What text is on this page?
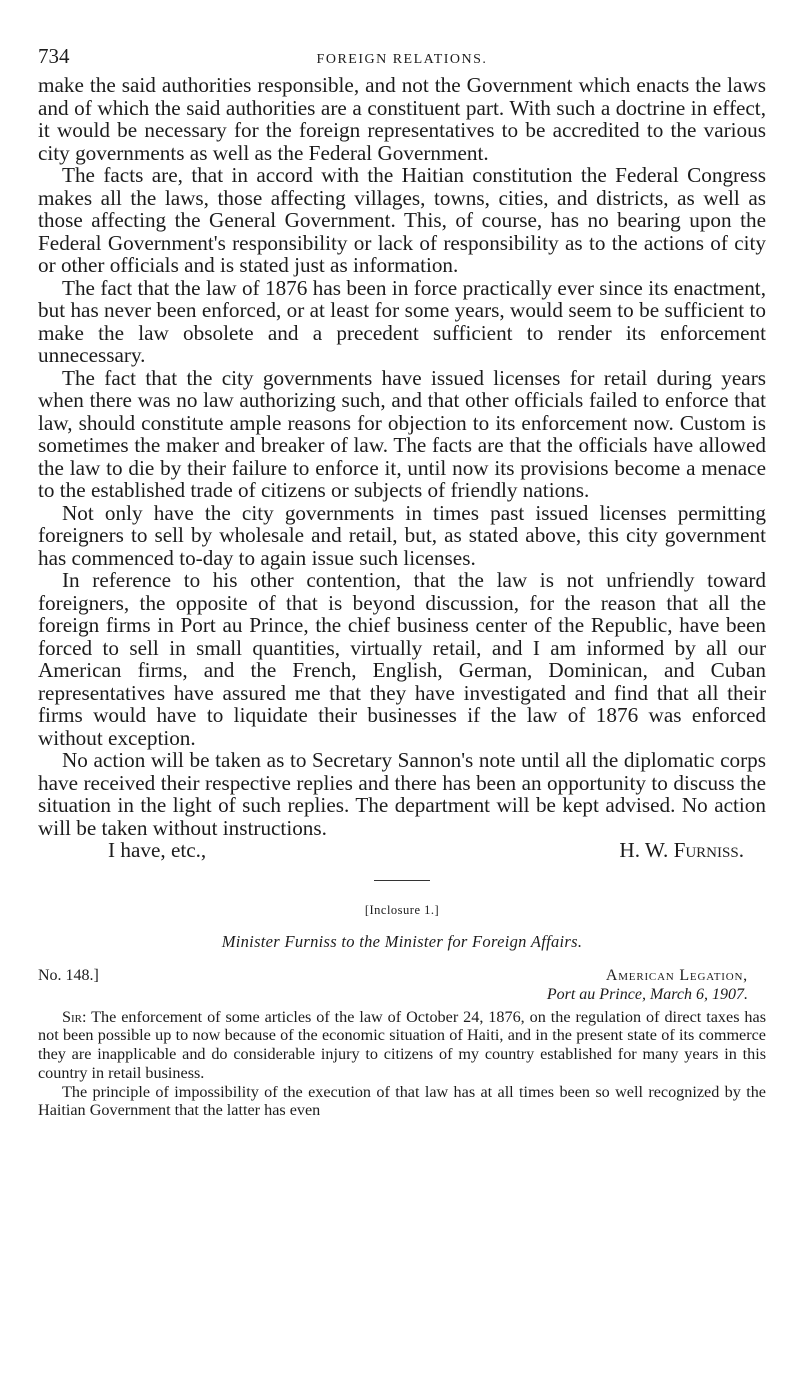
734	FOREIGN RELATIONS.

make the said authorities responsible, and not the Government which enacts the laws and of which the said authorities are a constituent part. With such a doctrine in effect, it would be necessary for the foreign representatives to be accredited to the various city governments as well as the Federal Government.

The facts are, that in accord with the Haitian constitution the Federal Congress makes all the laws, those affecting villages, towns, cities, and districts, as well as those affecting the General Government. This, of course, has no bearing upon the Federal Government's responsibility or lack of responsibility as to the actions of city or other officials and is stated just as information.

The fact that the law of 1876 has been in force practically ever since its enactment, but has never been enforced, or at least for some years, would seem to be sufficient to make the law obsolete and a precedent sufficient to render its enforcement unnecessary.

The fact that the city governments have issued licenses for retail during years when there was no law authorizing such, and that other officials failed to enforce that law, should constitute ample reasons for objection to its enforcement now. Custom is sometimes the maker and breaker of law. The facts are that the officials have allowed the law to die by their failure to enforce it, until now its provisions become a menace to the established trade of citizens or subjects of friendly nations.

Not only have the city governments in times past issued licenses permitting foreigners to sell by wholesale and retail, but, as stated above, this city government has commenced to-day to again issue such licenses.

In reference to his other contention, that the law is not unfriendly toward foreigners, the opposite of that is beyond discussion, for the reason that all the foreign firms in Port au Prince, the chief business center of the Republic, have been forced to sell in small quantities, virtually retail, and I am informed by all our American firms, and the French, English, German, Dominican, and Cuban representatives have assured me that they have investigated and find that all their firms would have to liquidate their businesses if the law of 1876 was enforced without exception.

No action will be taken as to Secretary Sannon's note until all the diplomatic corps have received their respective replies and there has been an opportunity to discuss the situation in the light of such replies. The department will be kept advised. No action will be taken without instructions.

I have, etc.,	H. W. Furniss.
[Inclosure 1.]
Minister Furniss to the Minister for Foreign Affairs.
No. 148.]	American Legation,
Port au Prince, March 6, 1907.

Sir: The enforcement of some articles of the law of October 24, 1876, on the regulation of direct taxes has not been possible up to now because of the economic situation of Haiti, and in the present state of its commerce they are inapplicable and do considerable injury to citizens of my country established for many years in this country in retail business.

The principle of impossibility of the execution of that law has at all times been so well recognized by the Haitian Government that the latter has even
